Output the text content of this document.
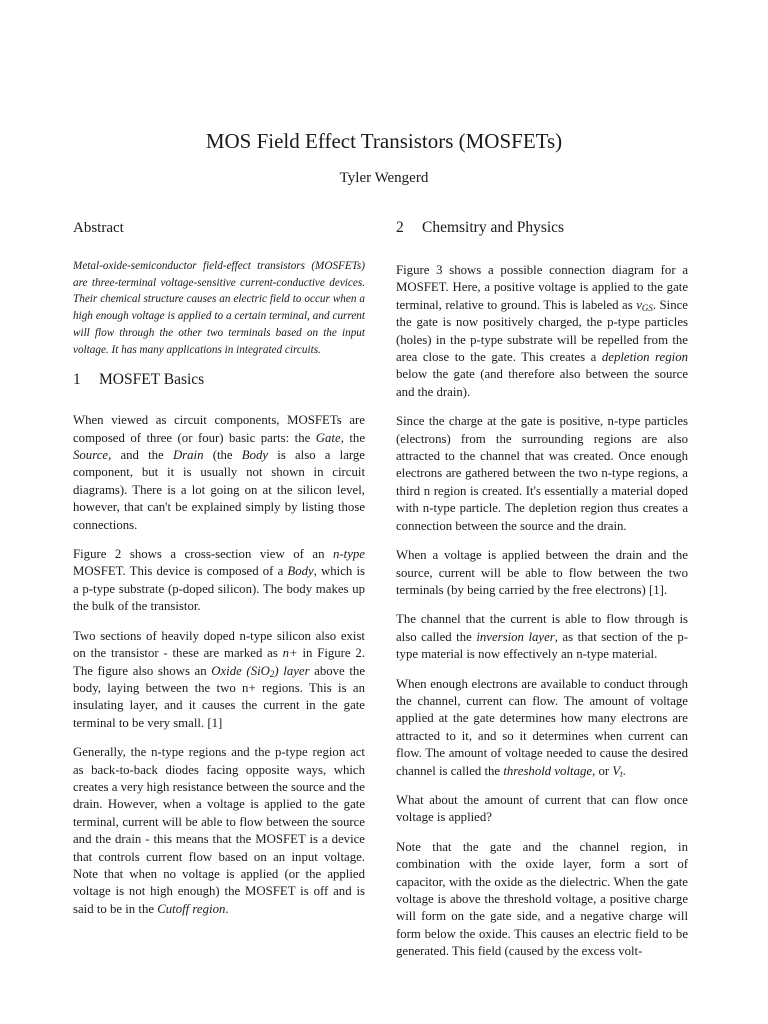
MOS Field Effect Transistors (MOSFETs)
Tyler Wengerd
Abstract

Metal-oxide-semiconductor field-effect transistors (MOSFETs) are three-terminal voltage-sensitive current-conductive devices. Their chemical structure causes an electric field to occur when a high enough voltage is applied to a certain terminal, and current will flow through the other two terminals based on the input voltage. It has many applications in integrated circuits.

1 MOSFET Basics

When viewed as circuit components, MOSFETs are composed of three (or four) basic parts: the Gate, the Source, and the Drain (the Body is also a large component, but it is usually not shown in circuit diagrams). There is a lot going on at the silicon level, however, that can't be explained simply by listing those connections.

Figure 2 shows a cross-section view of an n-type MOSFET. This device is composed of a Body, which is a p-type substrate (p-doped silicon). The body makes up the bulk of the transistor.

Two sections of heavily doped n-type silicon also exist on the transistor - these are marked as n+ in Figure 2. The figure also shows an Oxide (SiO$_2$) layer above the body, laying between the two n+ regions. This is an insulating layer, and it causes the current in the gate terminal to be very small. [1]

Generally, the n-type regions and the p-type region act as back-to-back diodes facing opposite ways, which creates a very high resistance between the source and the drain. However, when a voltage is applied to the gate terminal, current will be able to flow between the source and the drain - this means that the MOSFET is a device that controls current flow based on an input voltage. Note that when no voltage is applied (or the applied voltage is not high enough) the MOSFET is off and is said to be in the Cutoff region.

2 Chemsitry and Physics

Figure 3 shows a possible connection diagram for a MOSFET. Here, a positive voltage is applied to the gate terminal, relative to ground. This is labeled as $v_{GS}$. Since the gate is now positively charged, the p-type particles (holes) in the p-type substrate will be repelled from the area close to the gate. This creates a depletion region below the gate (and therefore also between the source and the drain).

Since the charge at the gate is positive, n-type particles (electrons) from the surrounding regions are also attracted to the channel that was created. Once enough electrons are gathered between the two n-type regions, a third n region is created. It's essentially a material doped with n-type particle. The depletion region thus creates a connection between the source and the drain.

When a voltage is applied between the drain and the source, current will be able to flow between the two terminals (by being carried by the free electrons) [1].

The channel that the current is able to flow through is also called the inversion layer, as that section of the p-type material is now effectively an n-type material.

When enough electrons are available to conduct through the channel, current can flow. The amount of voltage applied at the gate determines how many electrons are attracted to it, and so it determines when current can flow. The amount of voltage needed to cause the desired channel is called the threshold voltage, or $V_t$.

What about the amount of current that can flow once voltage is applied?

Note that the gate and the channel region, in combination with the oxide layer, form a sort of capacitor, with the oxide as the dielectric. When the gate voltage is above the threshold voltage, a positive charge will form on the gate side, and a negative charge will form below the oxide. This causes an electric field to be generated. This field (caused by the excess volt-
